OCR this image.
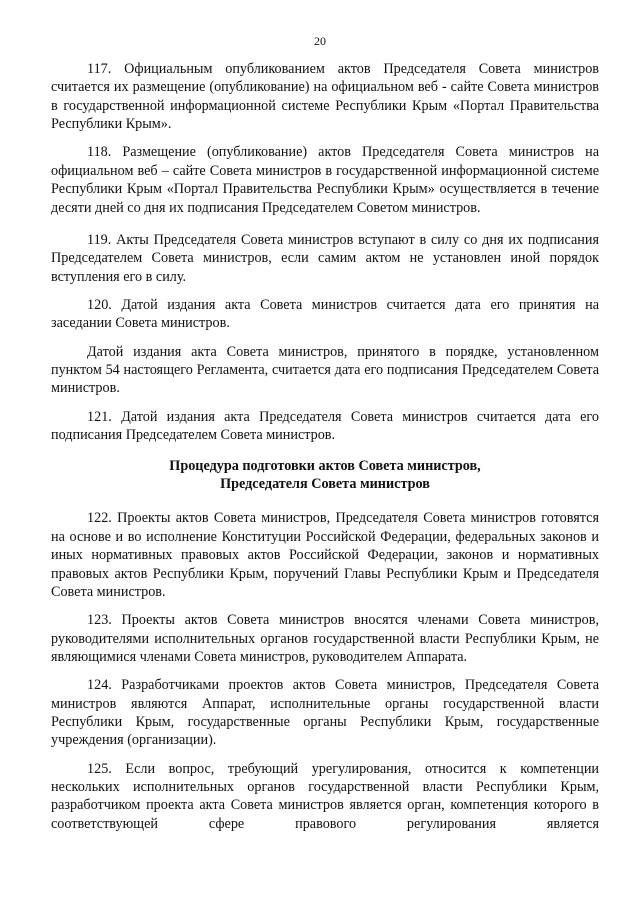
20

117. Официальным опубликованием актов Председателя Совета министров считается их размещение (опубликование) на официальном веб - сайте Совета министров в государственной информационной системе Республики Крым «Портал Правительства Республики Крым».

118. Размещение (опубликование) актов Председателя Совета министров на официальном веб – сайте Совета министров в государственной информационной системе Республики Крым «Портал Правительства Республики Крым» осуществляется в течение десяти дней со дня их подписания Председателем Советом министров.

119. Акты Председателя Совета министров вступают в силу со дня их подписания Председателем Совета министров, если самим актом не установлен иной порядок вступления его в силу.

120. Датой издания акта Совета министров считается дата его принятия на заседании Совета министров.

Датой издания акта Совета министров, принятого в порядке, установленном пунктом 54 настоящего Регламента, считается дата его подписания Председателем Совета министров.

121. Датой издания акта Председателя Совета министров считается дата его подписания Председателем Совета министров.

Процедура подготовки актов Совета министров,
Председателя Совета министров

122. Проекты актов Совета министров, Председателя Совета министров готовятся на основе и во исполнение Конституции Российской Федерации, федеральных законов и иных нормативных правовых актов Российской Федерации, законов и нормативных правовых актов Республики Крым, поручений Главы Республики Крым и Председателя Совета министров.

123. Проекты актов Совета министров вносятся членами Совета министров, руководителями исполнительных органов государственной власти Республики Крым, не являющимися членами Совета министров, руководителем Аппарата.

124. Разработчиками проектов актов Совета министров, Председателя Совета министров являются Аппарат, исполнительные органы государственной власти Республики Крым, государственные органы Республики Крым, государственные учреждения (организации).

125. Если вопрос, требующий урегулирования, относится к компетенции нескольких исполнительных органов государственной власти Республики Крым, разработчиком проекта акта Совета министров является орган, компетенция которого в соответствующей сфере правового регулирования является
